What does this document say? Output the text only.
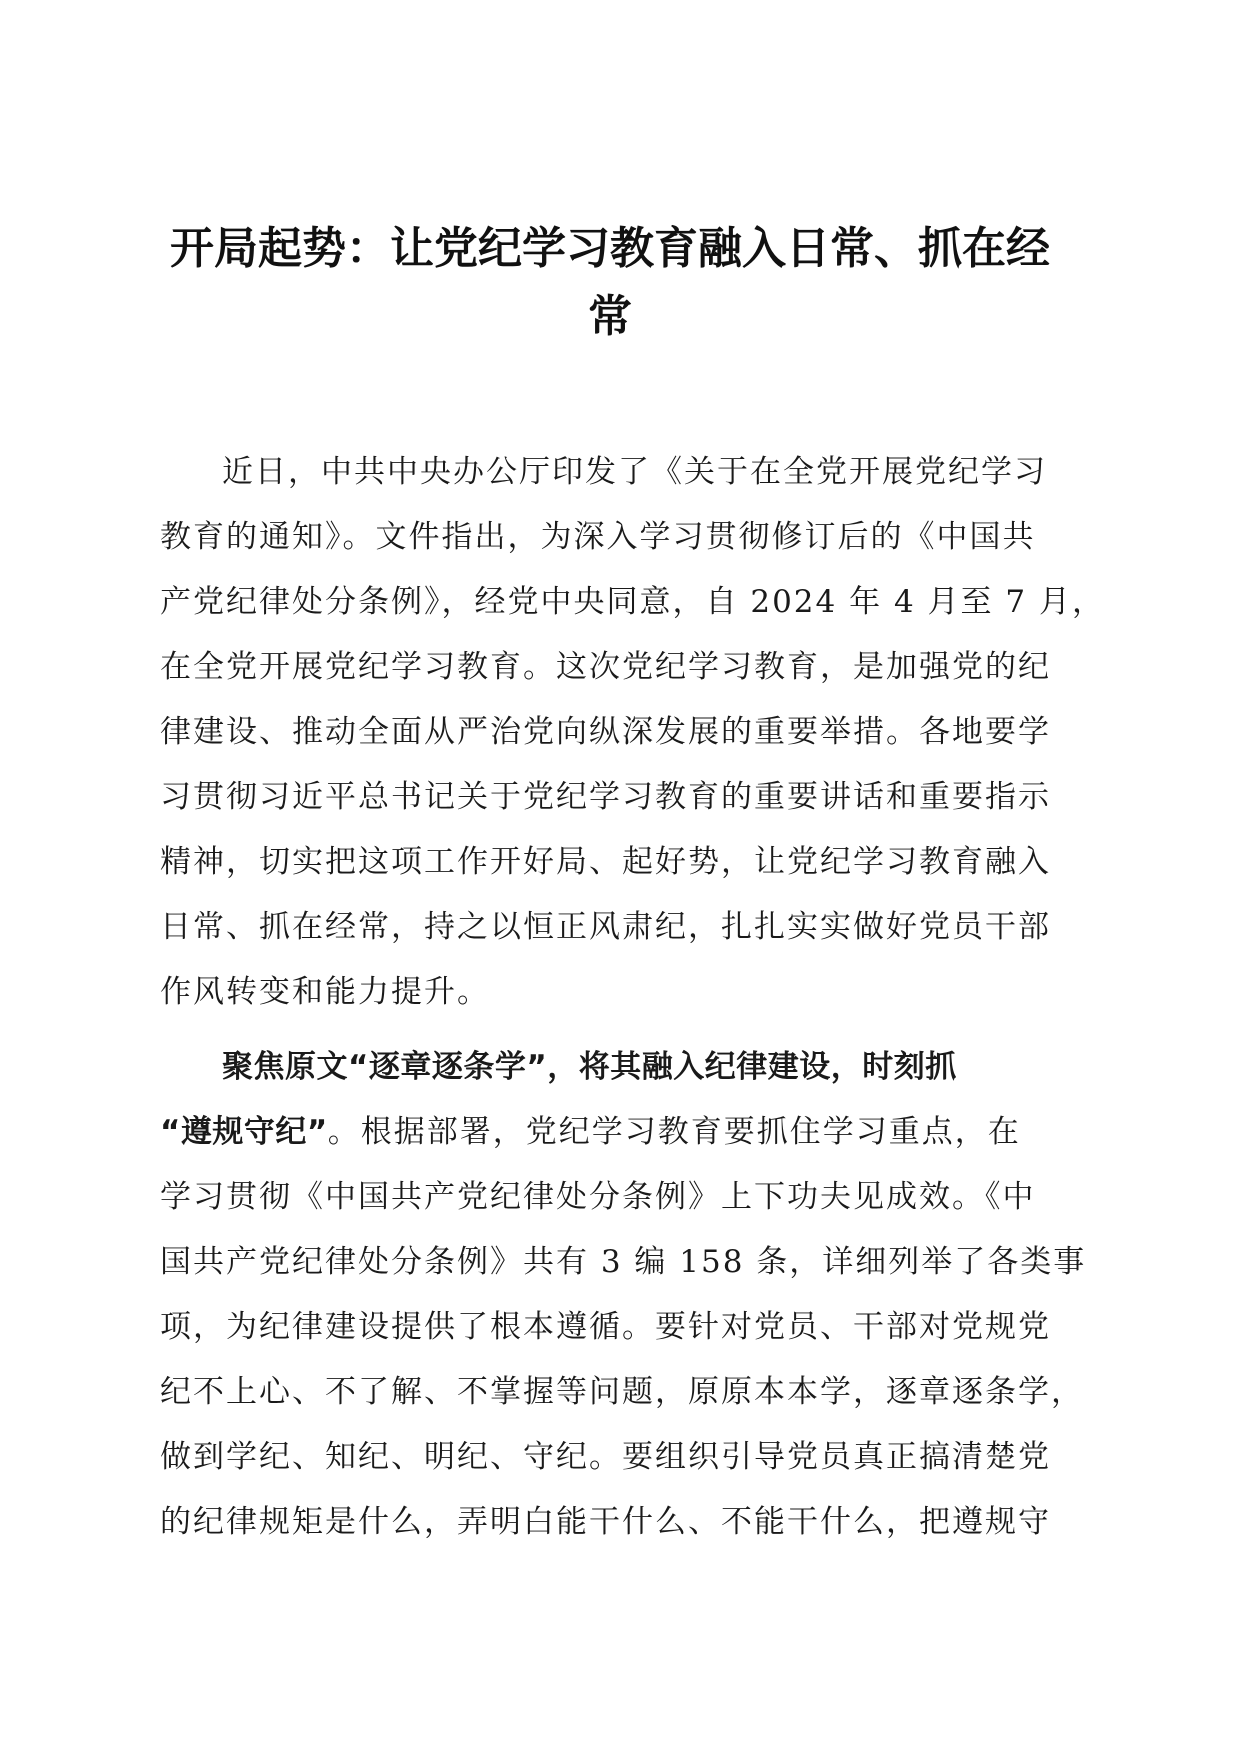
开局起势：让党纪学习教育融入日常、抓在经
常
近日，中共中央办公厅印发了《关于在全党开展党纪学习
教育的通知》。文件指出，为深入学习贯彻修订后的《中国共
产党纪律处分条例》，经党中央同意，自 2024 年 4 月至 7 月，
在全党开展党纪学习教育。这次党纪学习教育，是加强党的纪
律建设、推动全面从严治党向纵深发展的重要举措。各地要学
习贯彻习近平总书记关于党纪学习教育的重要讲话和重要指示
精神，切实把这项工作开好局、起好势，让党纪学习教育融入
日常、抓在经常，持之以恒正风肃纪，扎扎实实做好党员干部
作风转变和能力提升。
聚焦原文“逐章逐条学”，将其融入纪律建设，时刻抓
“遵规守纪”。根据部署，党纪学习教育要抓住学习重点，在
学习贯彻《中国共产党纪律处分条例》上下功夫见成效。《中
国共产党纪律处分条例》共有 3 编 158 条，详细列举了各类事
项，为纪律建设提供了根本遵循。要针对党员、干部对党规党
纪不上心、不了解、不掌握等问题，原原本本学，逐章逐条学，
做到学纪、知纪、明纪、守纪。要组织引导党员真正搞清楚党
的纪律规矩是什么，弄明白能干什么、不能干什么，把遵规守
